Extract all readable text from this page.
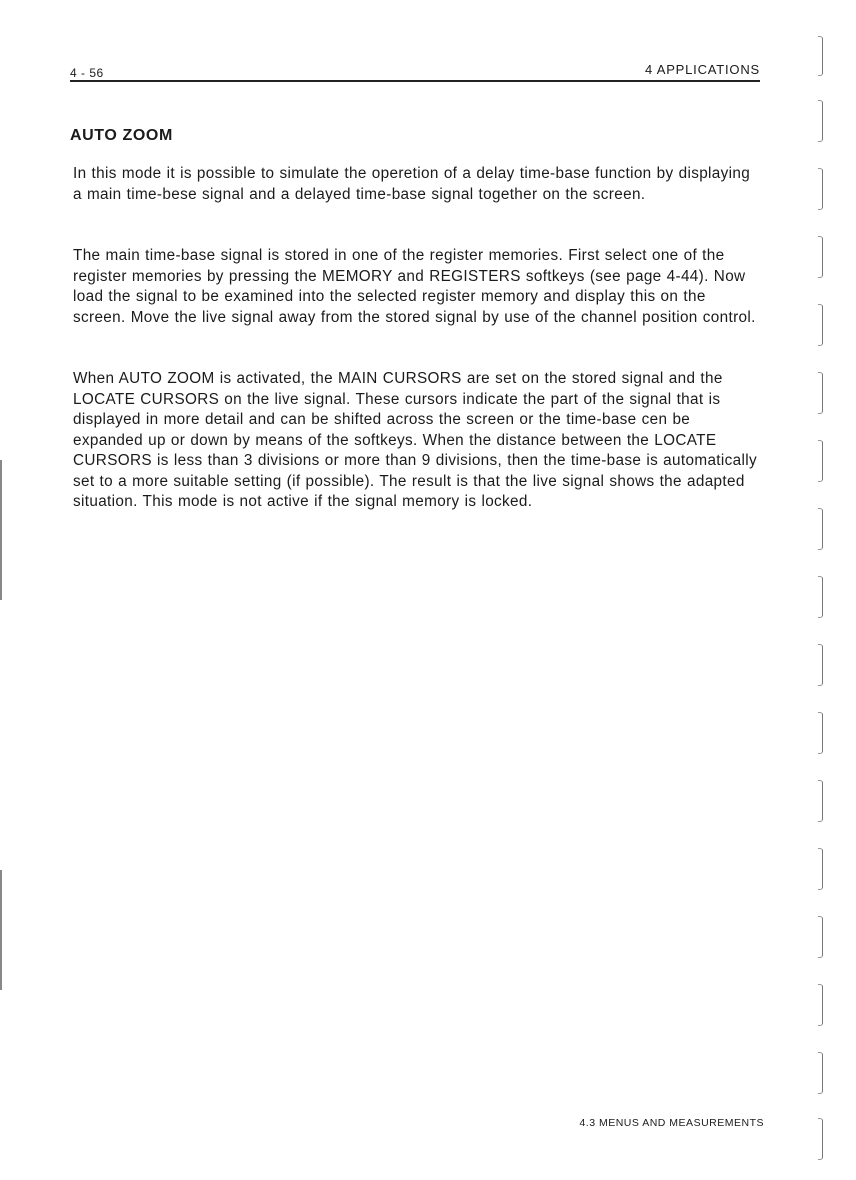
4 - 56	4 APPLICATIONS
AUTO ZOOM

In this mode it is possible to simulate the operetion of a delay time-base function by displaying a main time-bese signal and a delayed time-base signal together on the screen.

The main time-base signal is stored in one of the register memories. First select one of the register memories by pressing the MEMORY and REGISTERS softkeys (see page 4-44). Now load the signal to be examined into the selected register memory and display this on the screen. Move the live signal away from the stored signal by use of the channel position control.

When AUTO ZOOM is activated, the MAIN CURSORS are set on the stored signal and the LOCATE CURSORS on the live signal. These cursors indicate the part of the signal that is displayed in more detail and can be shifted across the screen or the time-base cen be expanded up or down by means of the softkeys. When the distance between the LOCATE CURSORS is less than 3 divisions or more than 9 divisions, then the time-base is automatically set to a more suitable setting (if possible). The result is that the live signal shows the adapted situation. This mode is not active if the signal memory is locked.

4.3 MENUS AND MEASUREMENTS
